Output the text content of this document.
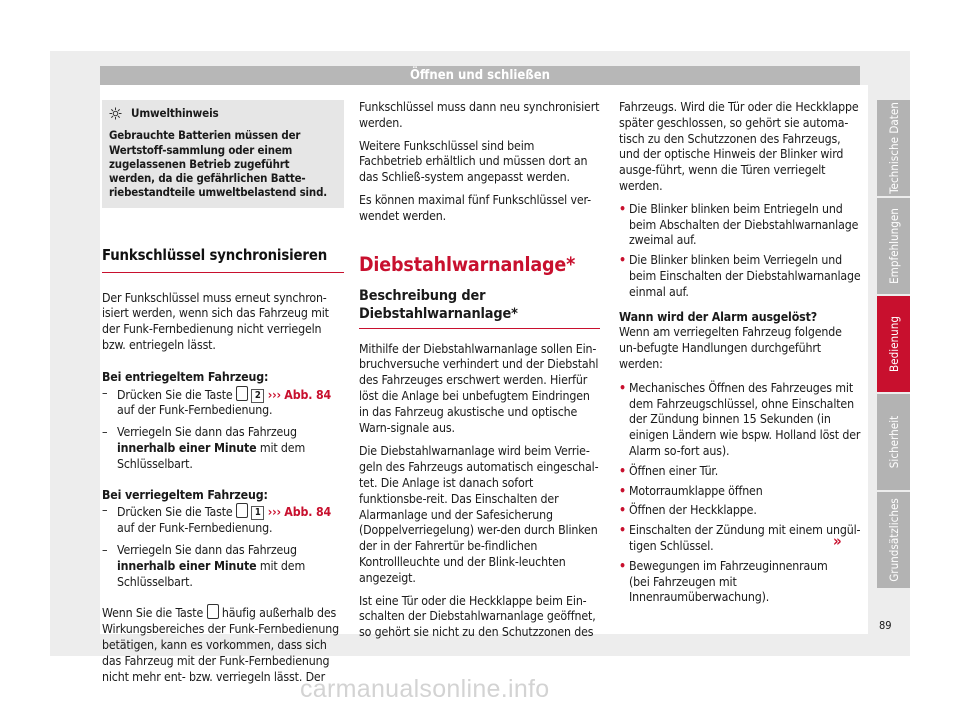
Öffnen und schließen
Umwelthinweis
Gebrauchte Batterien müssen der Wertstoff-sammlung oder einem zugelassenen Betrieb zugeführt werden, da die gefährlichen Batte-riebestandteile umweltbelastend sind.
Funkschlüssel synchronisieren

Der Funkschlüssel muss erneut synchron-isiert werden, wenn sich das Fahrzeug mit der Funk-Fernbedienung nicht verriegeln bzw. entriegeln lässt.

Bei entriegeltem Fahrzeug:

– Drücken Sie die Taste 2 ››› Abb. 84 auf der Funk-Fernbedienung.
– Verriegeln Sie dann das Fahrzeug innerhalb einer Minute mit dem Schlüsselbart.

Bei verriegeltem Fahrzeug:

– Drücken Sie die Taste 1 ››› Abb. 84 auf der Funk-Fernbedienung.
– Verriegeln Sie dann das Fahrzeug innerhalb einer Minute mit dem Schlüsselbart.

Wenn Sie die Taste häufig außerhalb des Wirkungsbereiches der Funk-Fernbedienung betätigen, kann es vorkommen, dass sich das Fahrzeug mit der Funk-Fernbedienung nicht mehr ent- bzw. verriegeln lässt. Der

Funkschlüssel muss dann neu synchronisiert werden.

Weitere Funkschlüssel sind beim Fachbetrieb erhältlich und müssen dort an das Schließ-system angepasst werden.

Es können maximal fünf Funkschlüssel ver-wendet werden.

Diebstahlwarnanlage*
Beschreibung der Diebstahlwarnanlage*

Mithilfe der Diebstahlwarnanlage sollen Ein-bruchversuche verhindert und der Diebstahl des Fahrzeuges erschwert werden. Hierfür löst die Anlage bei unbefugtem Eindringen in das Fahrzeug akustische und optische Warn-signale aus.

Die Diebstahlwarnanlage wird beim Verrie-geln des Fahrzeugs automatisch eingeschal-tet. Die Anlage ist danach sofort funktionsbe-reit. Das Einschalten der Alarmanlage und der Safesicherung (Doppelverriegelung) wer-den durch Blinken der in der Fahrertür be-findlichen Kontrollleuchte und der Blink-leuchten angezeigt.

Ist eine Tür oder die Heckklappe beim Ein-schalten der Diebstahlwarnanlage geöffnet, so gehört sie nicht zu den Schutzzonen des

Fahrzeugs. Wird die Tür oder die Heckklappe später geschlossen, so gehört sie automa-tisch zu den Schutzzonen des Fahrzeugs, und der optische Hinweis der Blinker wird ausge-führt, wenn die Türen verriegelt werden.

• Die Blinker blinken beim Entriegeln und beim Abschalten der Diebstahlwarnanlage zweimal auf.
• Die Blinker blinken beim Verriegeln und beim Einschalten der Diebstahlwarnanlage einmal auf.

Wann wird der Alarm ausgelöst?

Wenn am verriegelten Fahrzeug folgende un-befugte Handlungen durchgeführt werden:

• Mechanisches Öffnen des Fahrzeuges mit dem Fahrzeugschlüssel, ohne Einschalten der Zündung binnen 15 Sekunden (in einigen Ländern wie bspw. Holland löst der Alarm so-fort aus).
• Öffnen einer Tür.
• Motorraumklappe öffnen
• Öffnen der Heckklappe.
• Einschalten der Zündung mit einem ungül-tigen Schlüssel.
• Bewegungen im Fahrzeuginnenraum (bei Fahrzeugen mit Innenraumüberwachung).
»
Technische Daten
Empfehlungen
Bedienung
Sicherheit
Grundsätzliches
89
carmanualsonline.info
